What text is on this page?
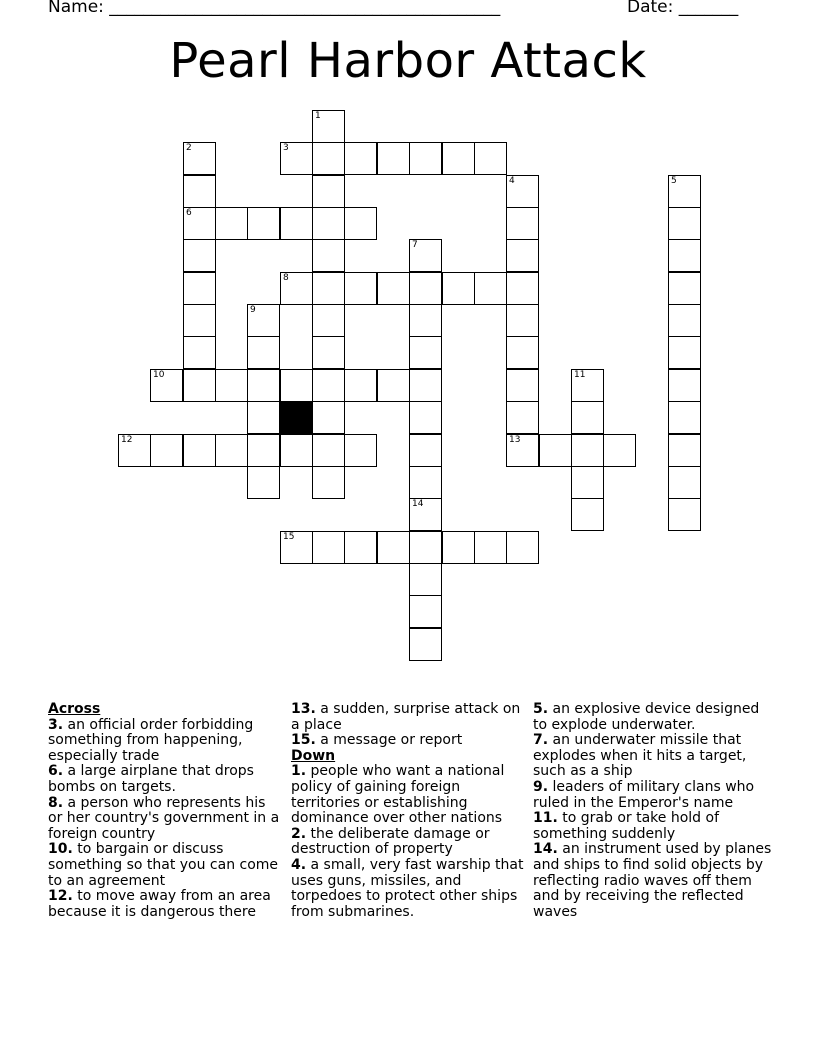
Name: ______________________________________________	Date: _______
Pearl Harbor Attack
1
2
6
3
4	5
7
8
9
10	11
12	13
14
15
Across

3. an official order forbidding something from happening, especially trade

6. a large airplane that drops bombs on targets.

8. a person who represents his or her country's government in a foreign country

10. to bargain or discuss something so that you can come to an agreement

12. to move away from an area because it is dangerous there

13. a sudden, surprise attack on a place

15. a message or report

Down

1. people who want a national policy of gaining foreign territories or establishing dominance over other nations

2. the deliberate damage or destruction of property

4. a small, very fast warship that uses guns, missiles, and torpedoes to protect other ships from submarines.

5. an explosive device designed to explode underwater.

7. an underwater missile that explodes when it hits a target, such as a ship

9. leaders of military clans who ruled in the Emperor's name

11. to grab or take hold of something suddenly

14. an instrument used by planes and ships to find solid objects by reflecting radio waves off them and by receiving the reflected waves
